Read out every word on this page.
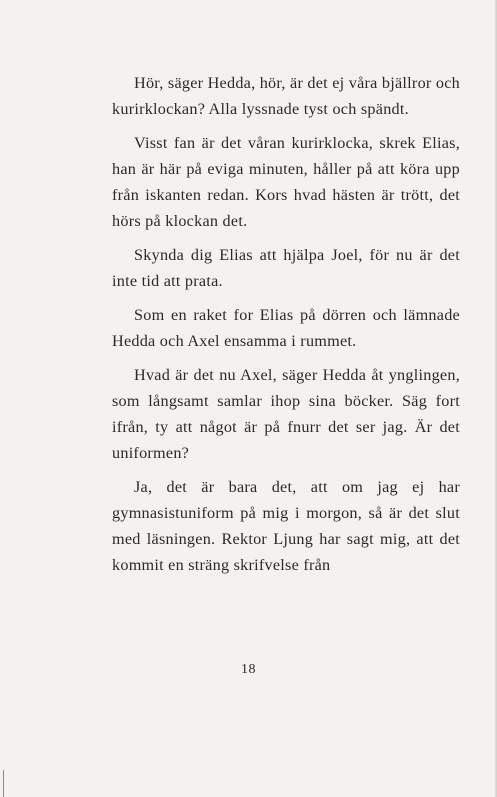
Hör, säger Hedda, hör, är det ej våra bjällror och kurirklockan? Alla lyssnade tyst och spändt.

Visst fan är det våran kurirklocka, skrek Elias, han är här på eviga minuten, håller på att köra upp från iskanten redan. Kors hvad hästen är trött, det hörs på klockan det.

Skynda dig Elias att hjälpa Joel, för nu är det inte tid att prata.

Som en raket for Elias på dörren och lämnade Hedda och Axel ensamma i rummet.

Hvad är det nu Axel, säger Hedda åt ynglingen, som långsamt samlar ihop sina böcker. Säg fort ifrån, ty att något är på fnurr det ser jag. Är det uniformen?

Ja, det är bara det, att om jag ej har gymnasistuniform på mig i morgon, så är det slut med läsningen. Rektor Ljung har sagt mig, att det kommit en sträng skrifvelse från

18
